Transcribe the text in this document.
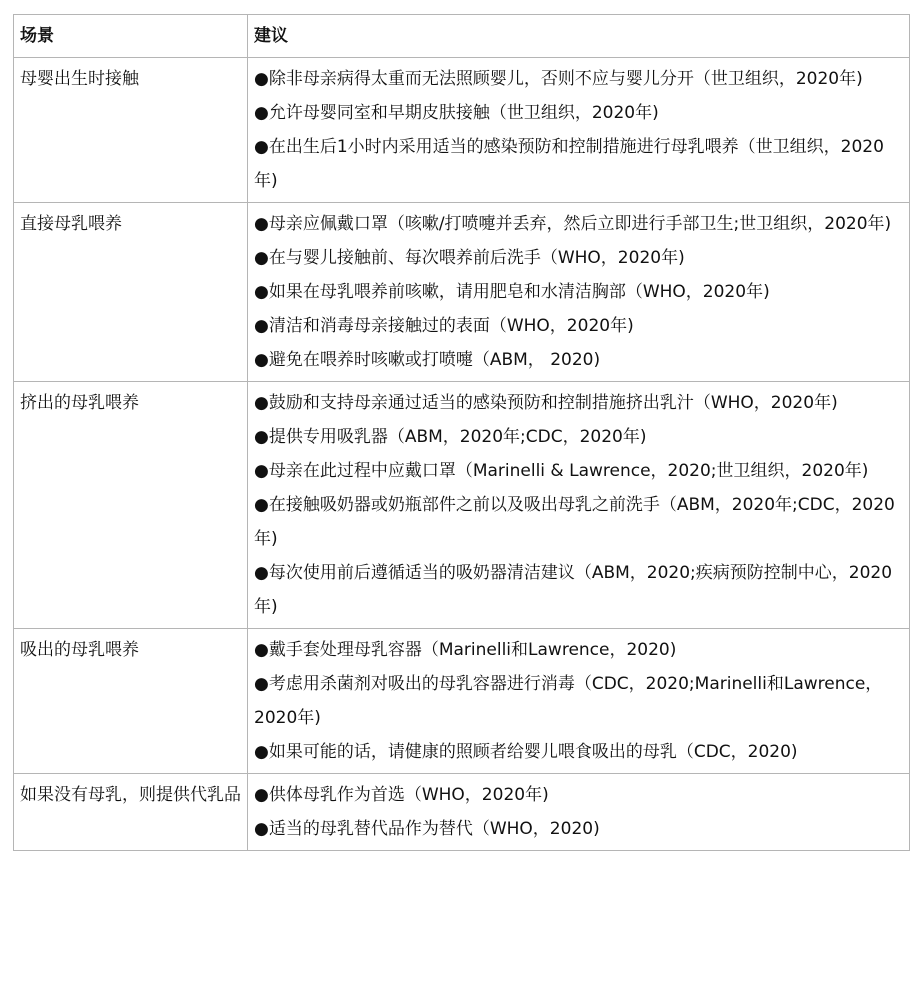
场景	建议
母婴出生时接触	●除非母亲病得太重而无法照顾婴儿，否则不应与婴儿分开（世卫组织，2020年)
●允许母婴同室和早期皮肤接触（世卫组织，2020年)
●在出生后1小时内采用适当的感染预防和控制措施进行母乳喂养（世卫组织，2020年)

直接母乳喂养	●母亲应佩戴口罩（咳嗽/打喷嚏并丢弃，然后立即进行手部卫生;世卫组织，2020年)
●在与婴儿接触前、每次喂养前后洗手（WHO，2020年)
●如果在母乳喂养前咳嗽，请用肥皂和水清洁胸部（WHO，2020年)
●清洁和消毒母亲接触过的表面（WHO，2020年)
●避免在喂养时咳嗽或打喷嚏（ABM， 2020)

挤出的母乳喂养	●鼓励和支持母亲通过适当的感染预防和控制措施挤出乳汁（WHO，2020年)
●提供专用吸乳器（ABM，2020年;CDC，2020年)
●母亲在此过程中应戴口罩（Marinelli & Lawrence，2020;世卫组织，2020年)
●在接触吸奶器或奶瓶部件之前以及吸出母乳之前洗手（ABM，2020年;CDC，2020年)
●每次使用前后遵循适当的吸奶器清洁建议（ABM，2020;疾病预防控制中心，2020年)

吸出的母乳喂养	●戴手套处理母乳容器（Marinelli和Lawrence，2020)
●考虑用杀菌剂对吸出的母乳容器进行消毒（CDC，2020;Marinelli和Lawrence，2020年)
●如果可能的话，请健康的照顾者给婴儿喂食吸出的母乳（CDC，2020)

如果没有母乳，则提供代乳品	●供体母乳作为首选（WHO，2020年)
●适当的母乳替代品作为替代（WHO，2020)
